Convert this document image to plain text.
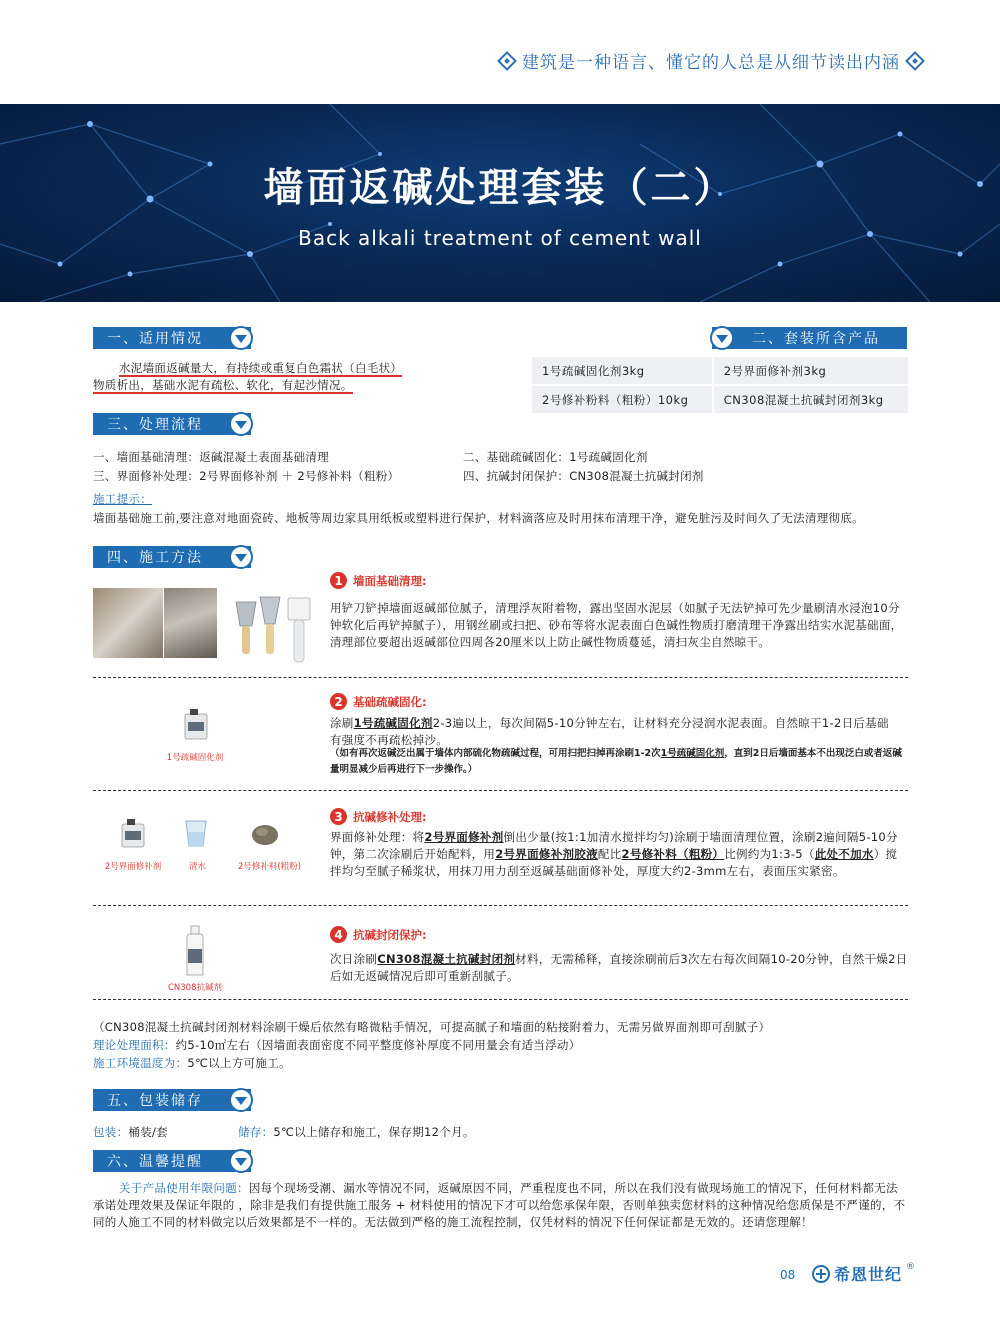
建筑是一种语言、懂它的人总是从细节读出内涵
墙面返碱处理套装（二）
Back alkali treatment of cement wall
一、适用情况
水泥墙面返碱量大，有持续或重复白色霜状（白毛状）
物质析出，基础水泥有疏松、软化，有起沙情况。
二、套装所含产品
1号疏碱固化剂3kg	2号界面修补剂3kg
2号修补粉料（粗粉）10kg	CN308混凝土抗碱封闭剂3kg
三、处理流程
一、墙面基础清理：返碱混凝土表面基础清理	二、基础疏碱固化：1号疏碱固化剂
三、界面修补处理：2号界面修补剂 ＋ 2号修补料（粗粉）	四、抗碱封闭保护：CN308混凝土抗碱封闭剂
施工提示：
墙面基础施工前,要注意对地面瓷砖、地板等周边家具用纸板或塑料进行保护，材料滴落应及时用抹布清理干净，避免脏污及时间久了无法清理彻底。
四、施工方法
1 墙面基础清理:
用铲刀铲掉墙面返碱部位腻子，清理浮灰附着物，露出坚固水泥层（如腻子无法铲掉可先少量刷清水浸泡10分钟软化后再铲掉腻子），用钢丝刷或扫把、砂布等将水泥表面白色碱性物质打磨清理干净露出结实水泥基础面，清理部位要超出返碱部位四周各20厘米以上防止碱性物质蔓延，清扫灰尘自然晾干。
1号疏碱固化剂
2 基础疏碱固化:
涂刷1号疏碱固化剂2-3遍以上，每次间隔5-10分钟左右，让材料充分浸润水泥表面。自然晾干1-2日后基础有强度不再疏松掉沙。
（如有再次返碱泛出属于墙体内部硫化物疏碱过程，可用扫把扫掉再涂刷1-2次1号疏碱固化剂，直到2日后墙面基本不出现泛白或者返碱量明显减少后再进行下一步操作。）
2号界面修补剂	清水	2号修补料(粗粉)
3 抗碱修补处理:
界面修补处理：将2号界面修补剂倒出少量(按1:1加清水搅拌均匀)涂刷于墙面清理位置，涂刷2遍间隔5-10分钟，第二次涂刷后开始配料，用2号界面修补剂胶液配比2号修补料（粗粉）比例约为1:3-5（此处不加水）搅拌均匀至腻子稀浆状，用抹刀用力刮至返碱基础面修补处，厚度大约2-3mm左右，表面压实紧密。
CN308抗碱剂
4 抗碱封闭保护:
次日涂刷CN308混凝土抗碱封闭剂材料，无需稀释，直接涂刷前后3次左右每次间隔10-20分钟，自然干燥2日后如无返碱情况后即可重新刮腻子。
（CN308混凝土抗碱封闭剂材料涂刷干燥后依然有略微粘手情况，可提高腻子和墙面的粘接附着力，无需另做界面剂即可刮腻子）
理论处理面积：约5-10㎡左右（因墙面表面密度不同平整度修补厚度不同用量会有适当浮动）
施工环境温度为：5℃以上方可施工。
五、包装储存
包装：桶装/套	储存：5℃以上储存和施工，保存期12个月。
六、温馨提醒
关于产品使用年限问题：因每个现场受潮、漏水等情况不同，返碱原因不同，严重程度也不同，所以在我们没有做现场施工的情况下，任何材料都无法承诺处理效果及保证年限的 ，除非是我们有提供施工服务 + 材料使用的情况下才可以给您承保年限，否则单独卖您材料的这种情况给您质保是不严谨的，不同的人施工不同的材料做完以后效果都是不一样的。无法做到严格的施工流程控制，仅凭材料的情况下任何保证都是无效的。还请您理解！
08 希恩世纪 ®
